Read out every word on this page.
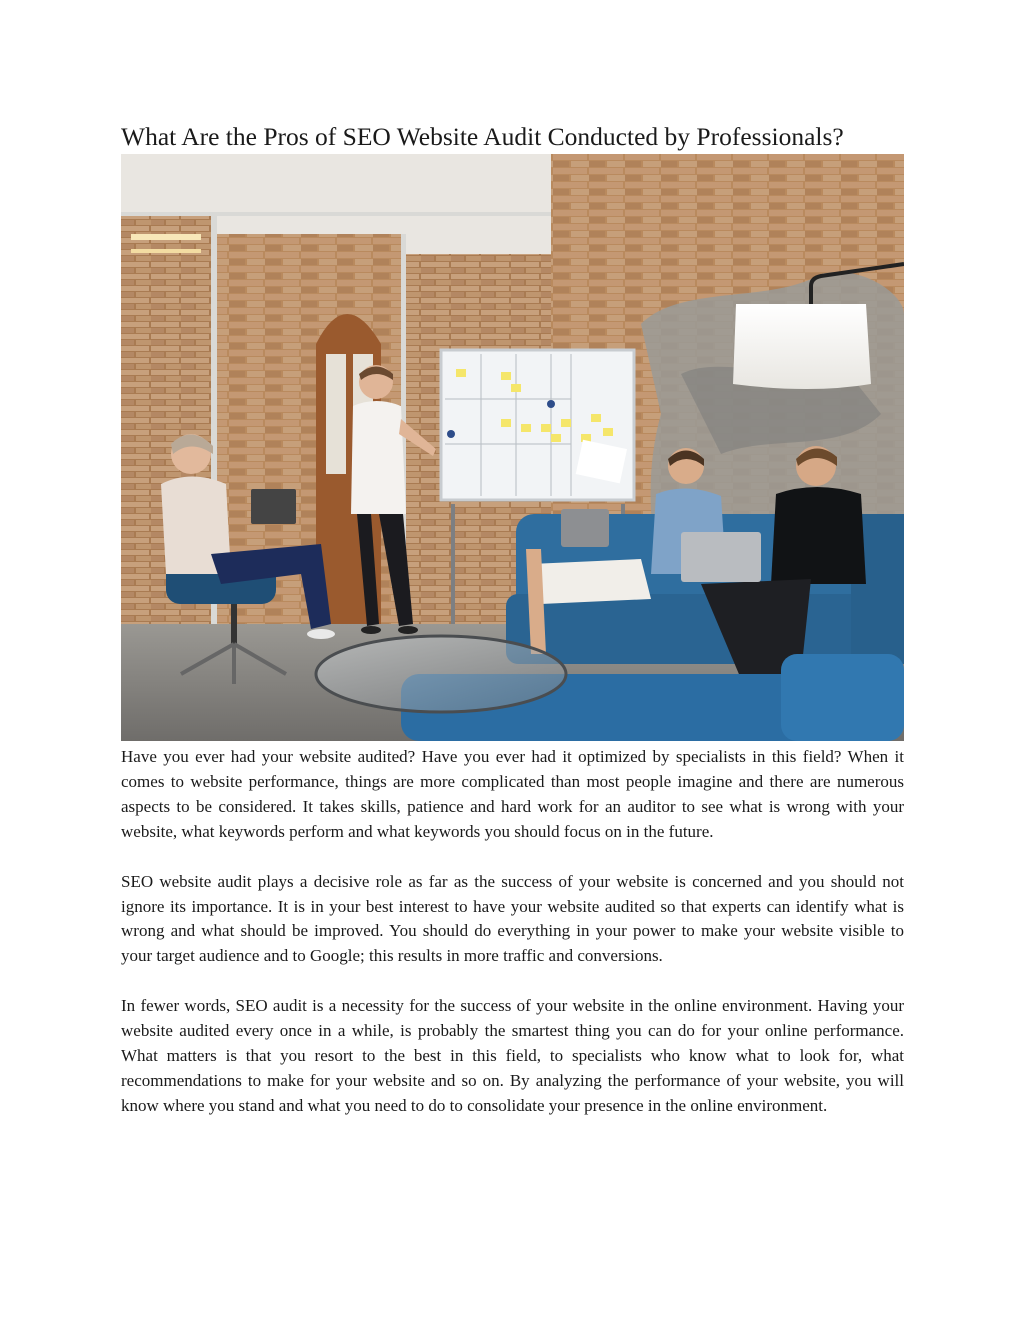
What Are the Pros of SEO Website Audit Conducted by Professionals?

Have you ever had your website audited? Have you ever had it optimized by specialists in this field? When it comes to website performance, things are more complicated than most people imagine and there are numerous aspects to be considered. It takes skills, patience and hard work for an auditor to see what is wrong with your website, what keywords perform and what keywords you should focus on in the future.

SEO website audit plays a decisive role as far as the success of your website is concerned and you should not ignore its importance. It is in your best interest to have your website audited so that experts can identify what is wrong and what should be improved. You should do everything in your power to make your website visible to your target audience and to Google; this results in more traffic and conversions.

In fewer words, SEO audit is a necessity for the success of your website in the online environment. Having your website audited every once in a while, is probably the smartest thing you can do for your online performance. What matters is that you resort to the best in this field, to specialists who know what to look for, what recommendations to make for your website and so on. By analyzing the performance of your website, you will know where you stand and what you need to do to consolidate your presence in the online environment.
